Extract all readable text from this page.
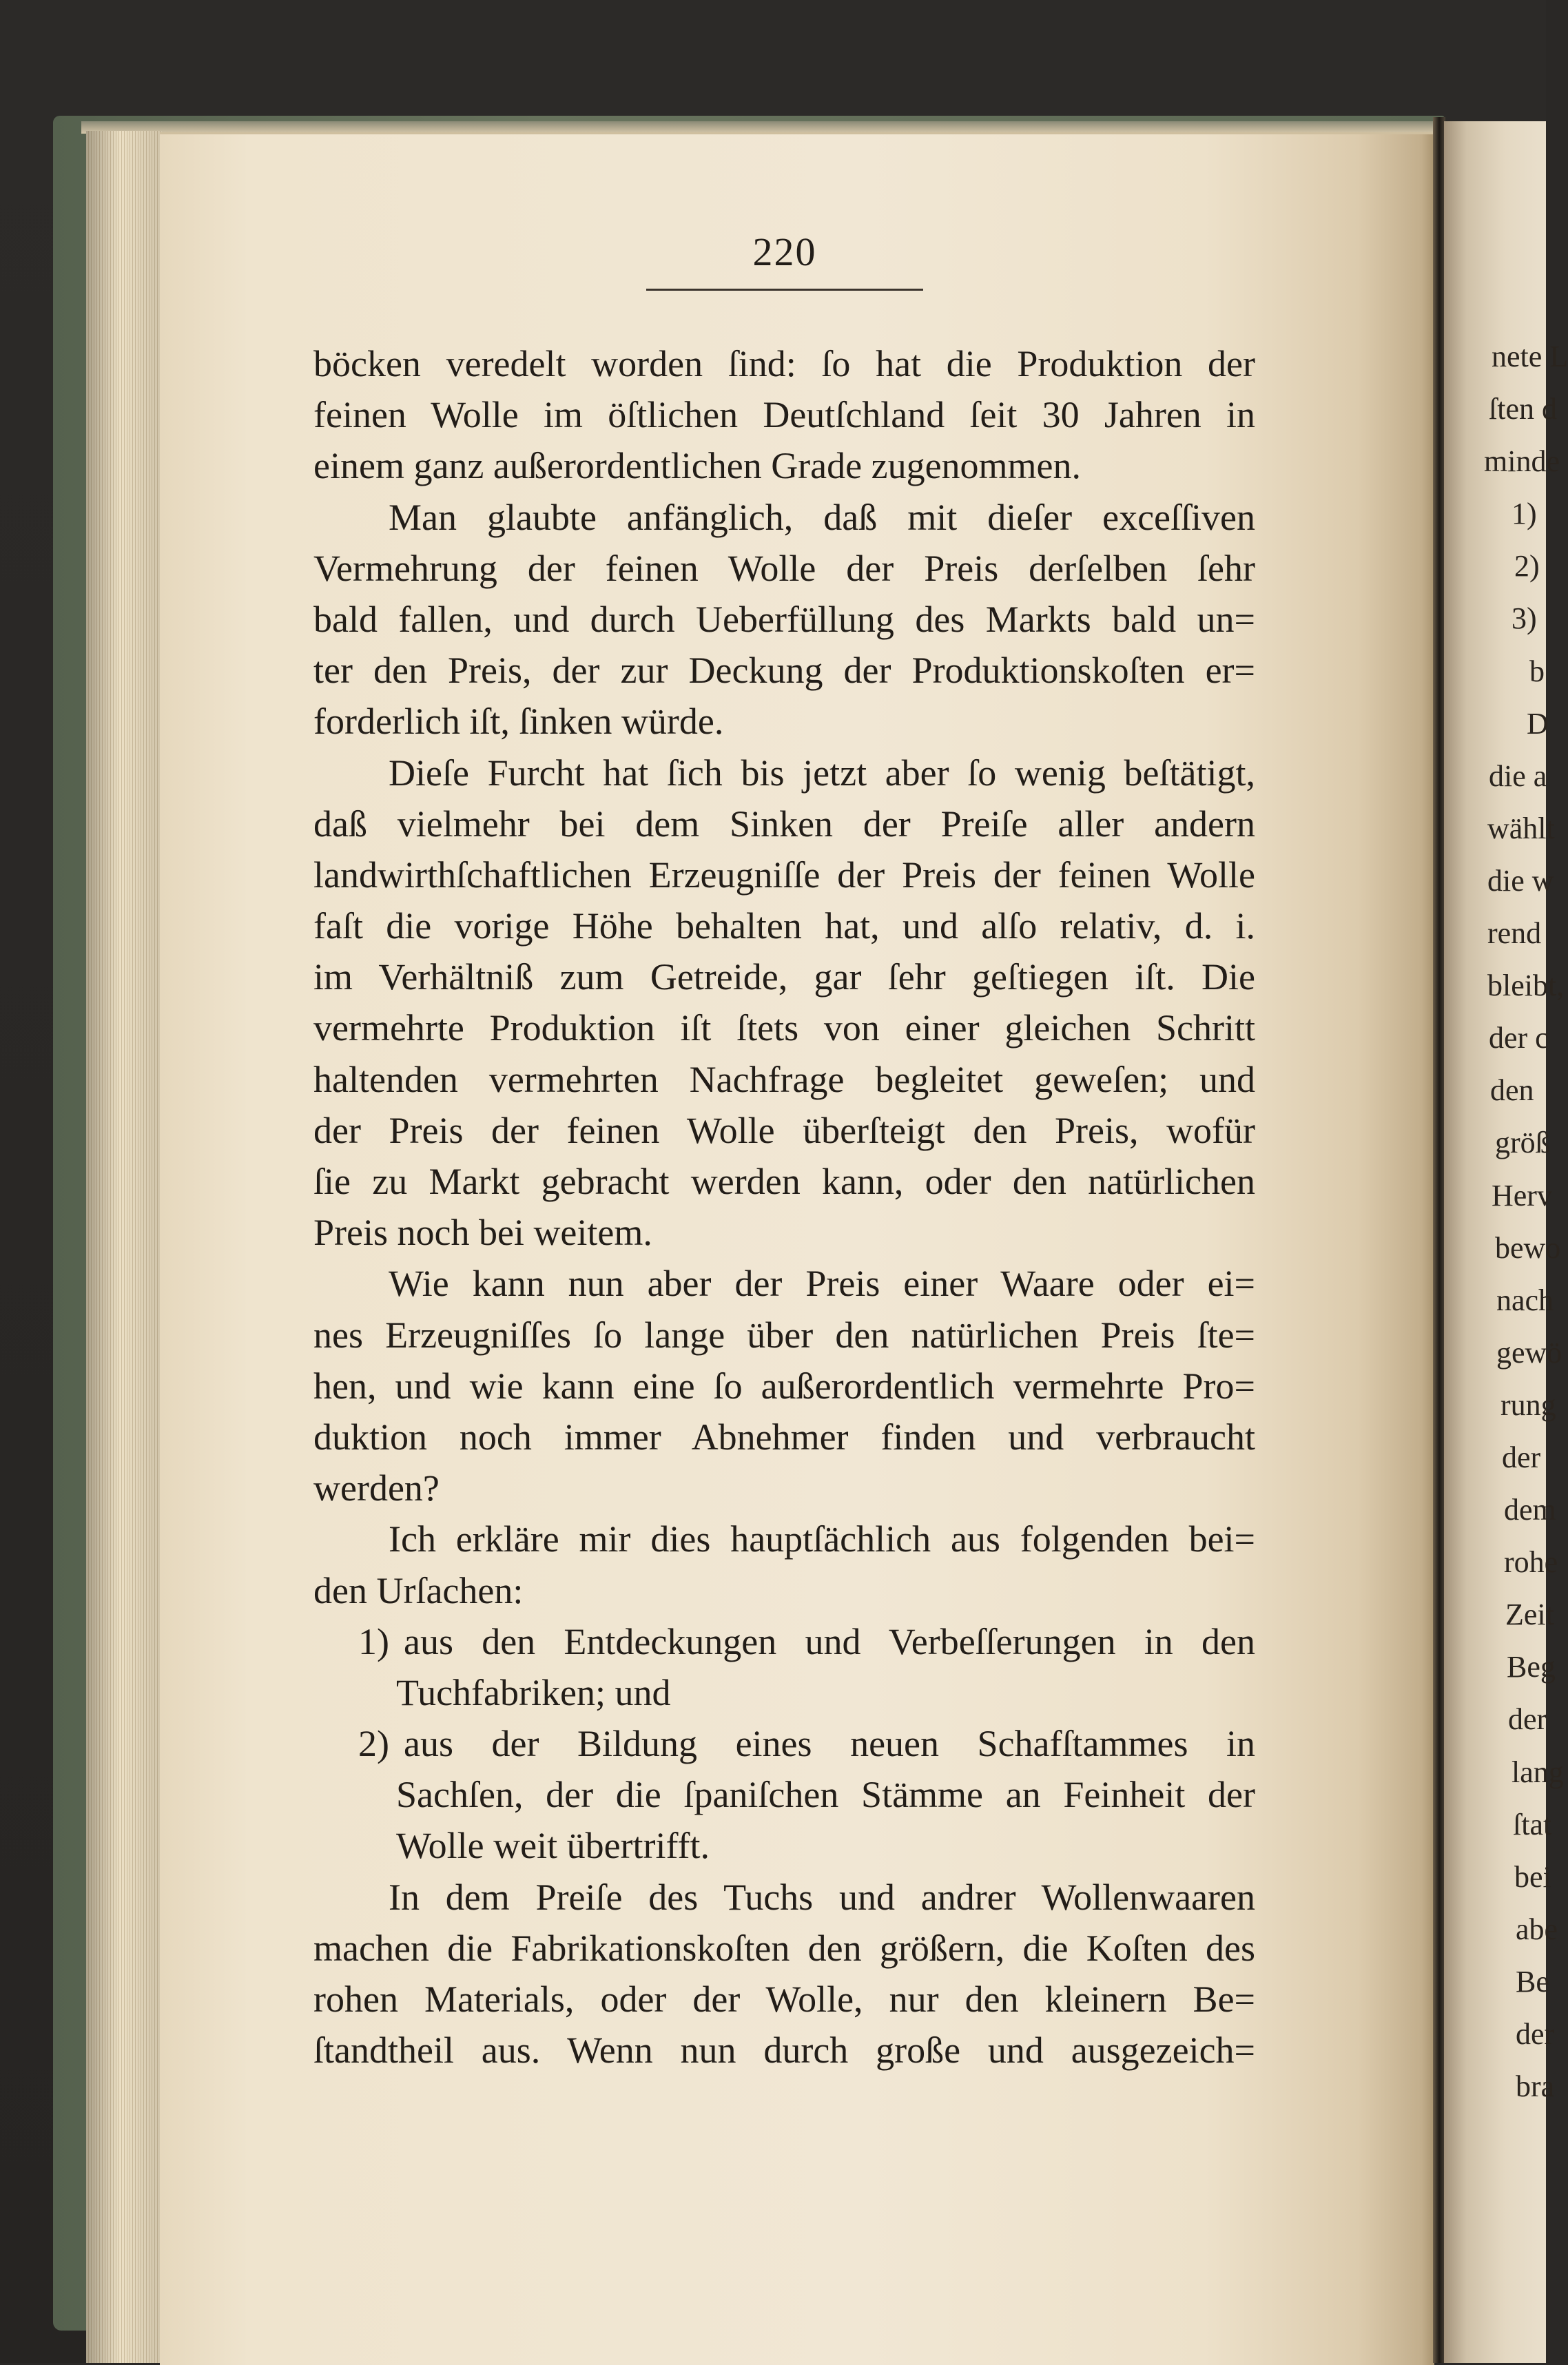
220
böcken veredelt worden ſind: ſo hat die Produktion der
feinen Wolle im öſtlichen Deutſchland ſeit 30 Jahren in
einem ganz außerordentlichen Grade zugenommen.
Man glaubte anfänglich, daß mit dieſer exceſſiven
Vermehrung der feinen Wolle der Preis derſelben ſehr
bald fallen, und durch Ueberfüllung des Markts bald un=
ter den Preis, der zur Deckung der Produktionskoſten er=
forderlich iſt, ſinken würde.
Dieſe Furcht hat ſich bis jetzt aber ſo wenig beſtätigt,
daß vielmehr bei dem Sinken der Preiſe aller andern
landwirthſchaftlichen Erzeugniſſe der Preis der feinen Wolle
faſt die vorige Höhe behalten hat, und alſo relativ, d. i.
im Verhältniß zum Getreide, gar ſehr geſtiegen iſt. Die
vermehrte Produktion iſt ſtets von einer gleichen Schritt
haltenden vermehrten Nachfrage begleitet geweſen; und
der Preis der feinen Wolle überſteigt den Preis, wofür
ſie zu Markt gebracht werden kann, oder den natürlichen
Preis noch bei weitem.
Wie kann nun aber der Preis einer Waare oder ei=
nes Erzeugniſſes ſo lange über den natürlichen Preis ſte=
hen, und wie kann eine ſo außerordentlich vermehrte Pro=
duktion noch immer Abnehmer finden und verbraucht
werden?
Ich erkläre mir dies hauptſächlich aus folgenden bei=
den Urſachen:
1) aus den Entdeckungen und Verbeſſerungen in den
Tuchfabriken; und
2) aus der Bildung eines neuen Schafſtammes in
Sachſen, der die ſpaniſchen Stämme an Feinheit der
Wolle weit übertrifft.
In dem Preiſe des Tuchs und andrer Wollenwaaren
machen die Fabrikationskoſten den größern, die Koſten des
rohen Materials, oder der Wolle, nur den kleinern Be=
ſtandtheil aus. Wenn nun durch große und ausgezeich=
nete L
ſten d
minde
1)
2)
3)
b
D
die a
wählt
die w
rend
bleibt,
der c
den
größ
Herv
bewo
nach
gewö
rung
der
dem
rohe
Zeit
Beg
der
lang
ſtat
bei
abe
Be
der
bra
